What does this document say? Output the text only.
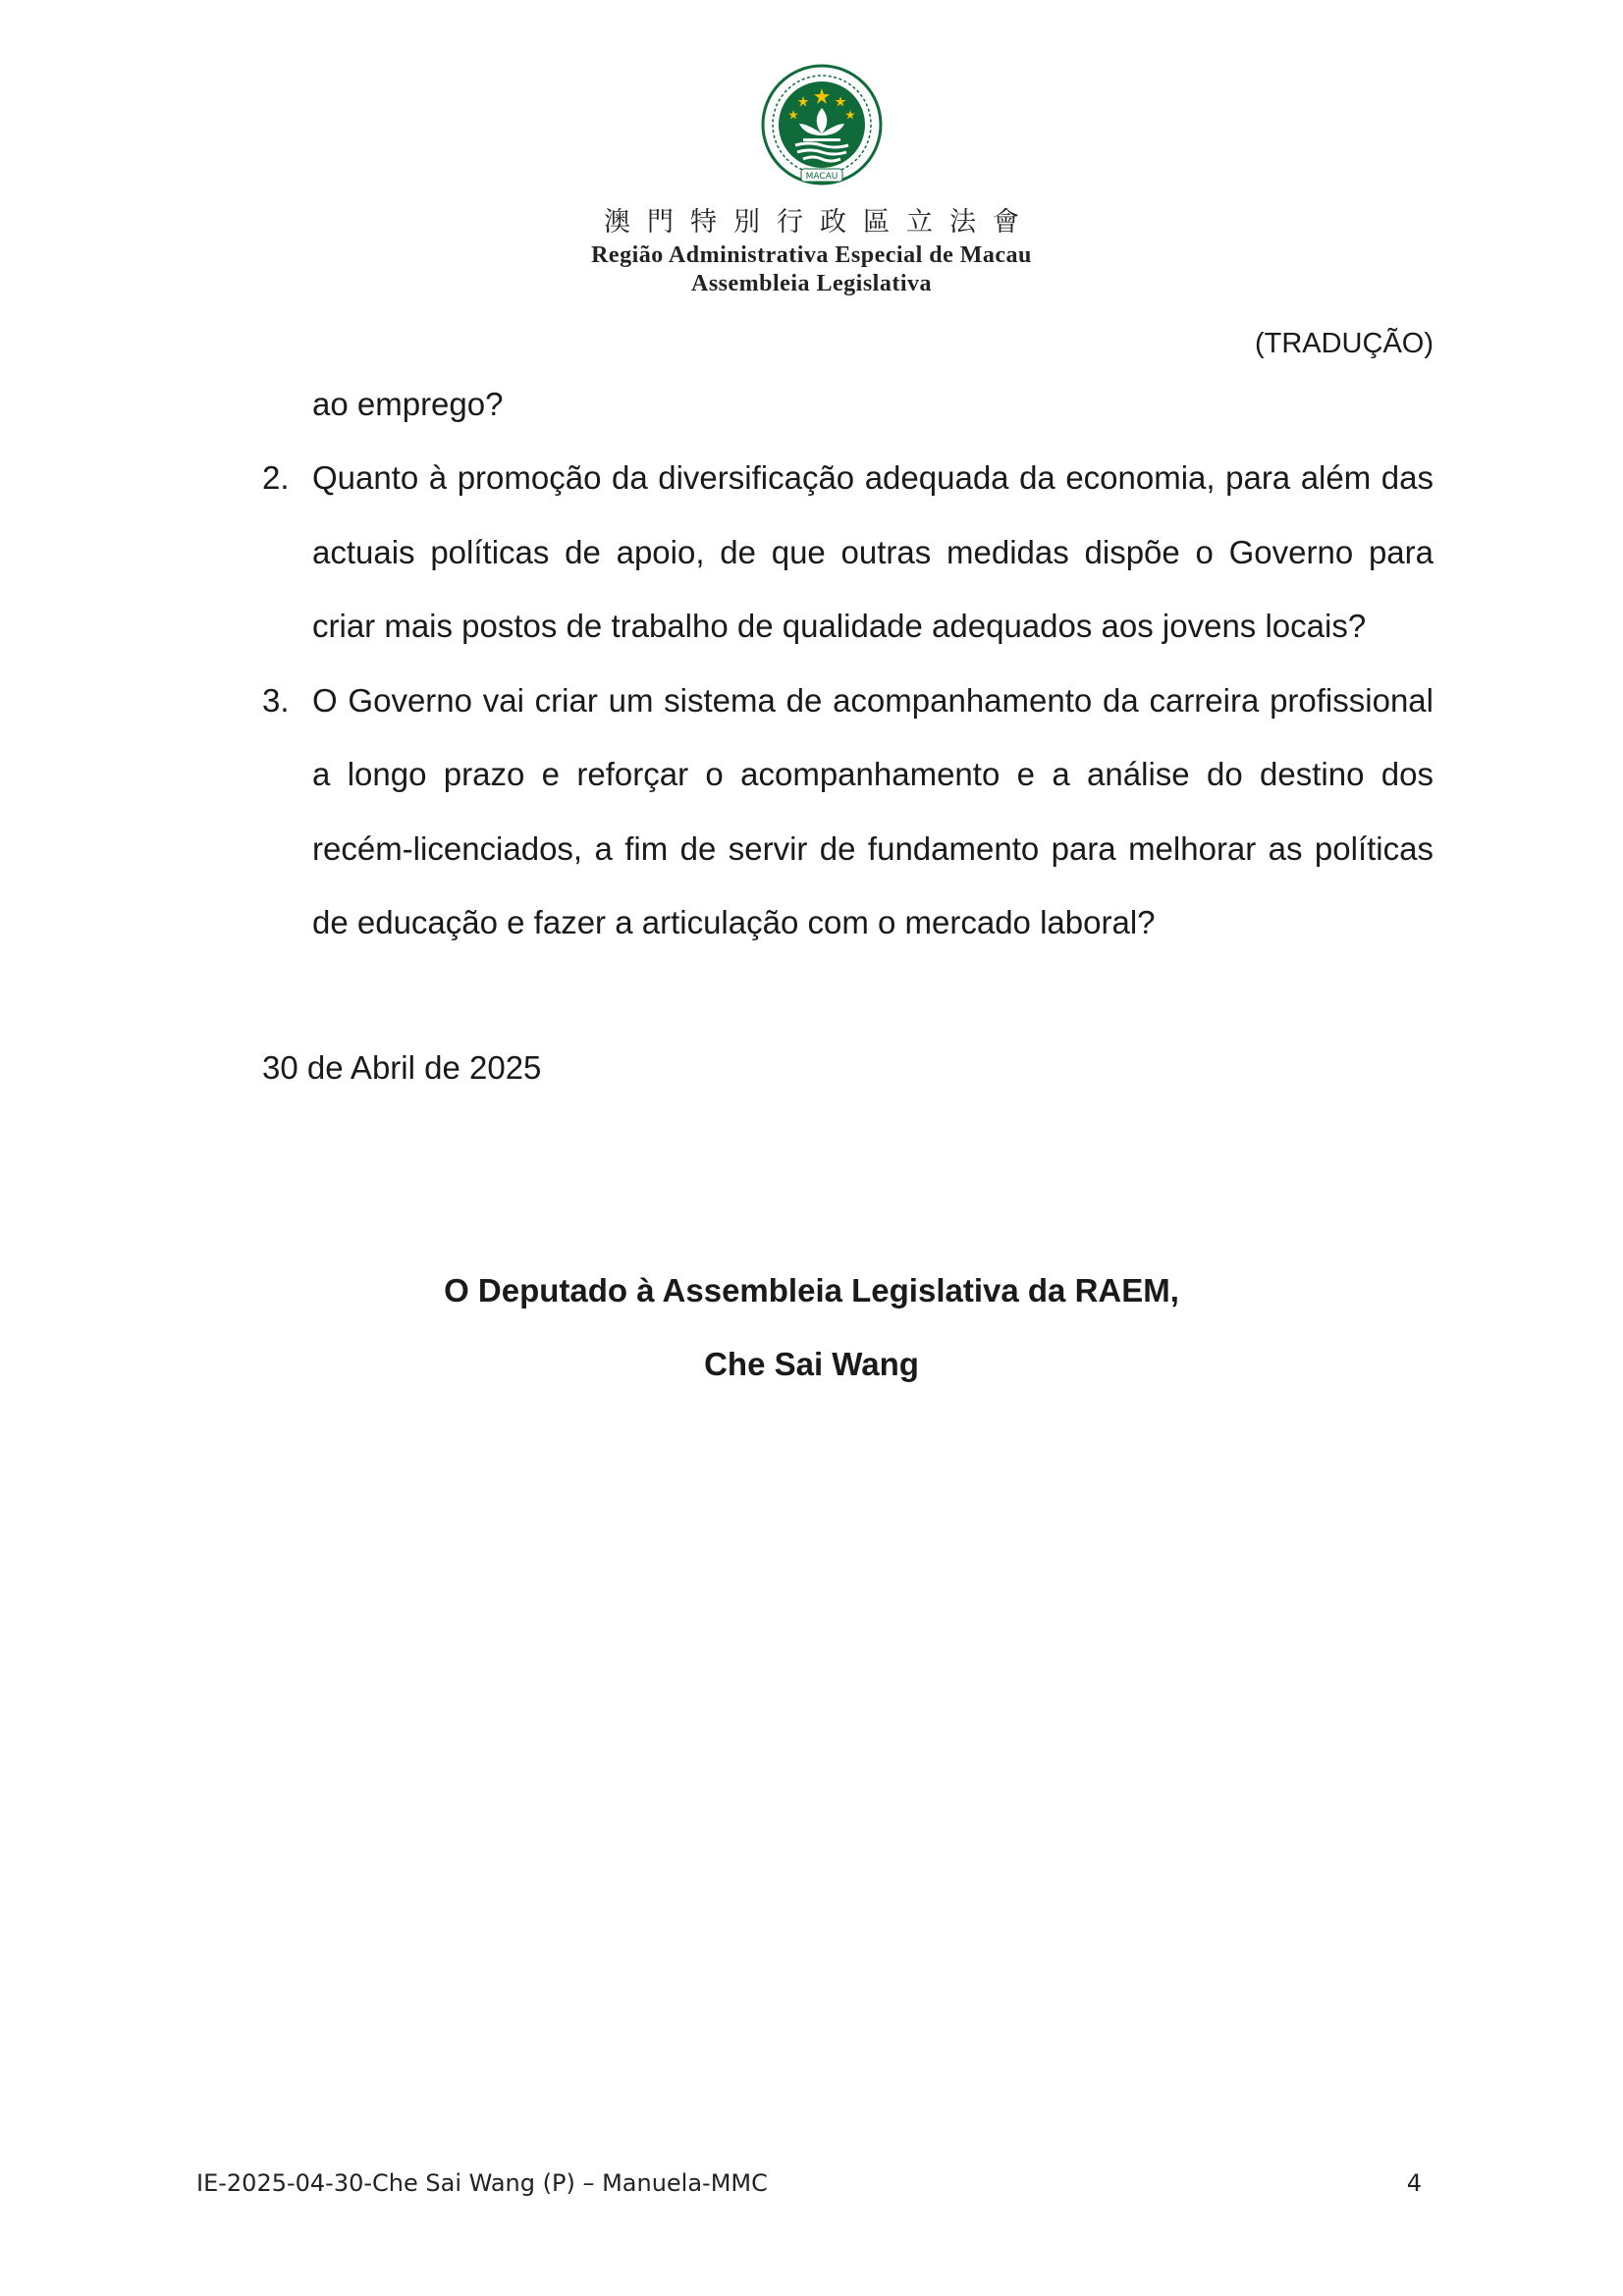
MACAU
澳門特別行政區立法會
Região Administrativa Especial de Macau
Assembleia Legislativa
(TRADUÇÃO)
ao emprego?
2. Quanto à promoção da diversificação adequada da economia, para além das actuais políticas de apoio, de que outras medidas dispõe o Governo para criar mais postos de trabalho de qualidade adequados aos jovens locais?
3. O Governo vai criar um sistema de acompanhamento da carreira profissional a longo prazo e reforçar o acompanhamento e a análise do destino dos recém-licenciados, a fim de servir de fundamento para melhorar as políticas de educação e fazer a articulação com o mercado laboral?
30 de Abril de 2025
O Deputado à Assembleia Legislativa da RAEM,
Che Sai Wang
IE-2025-04-30-Che Sai Wang (P) – Manuela-MMC	4
